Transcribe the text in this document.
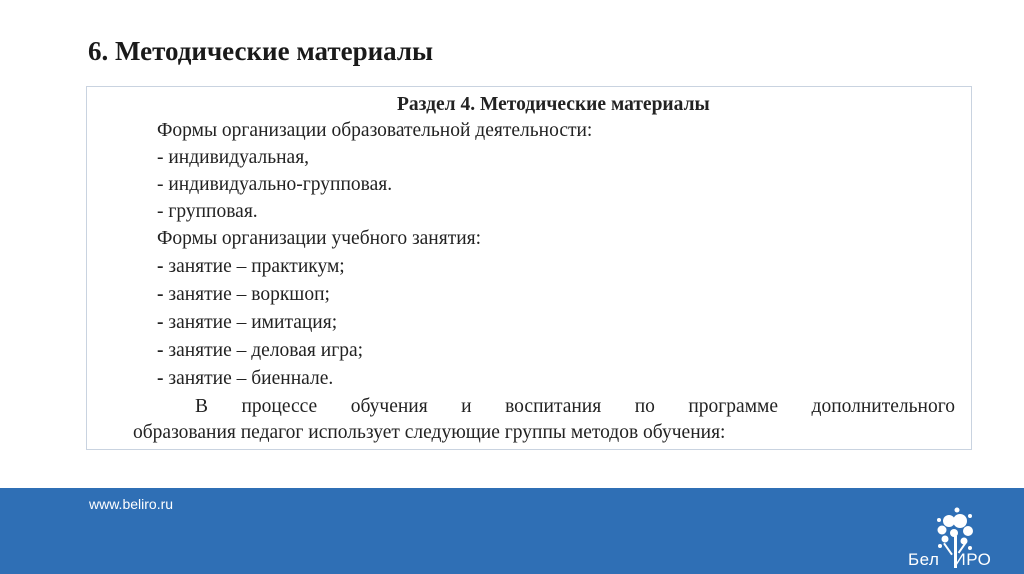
6. Методические материалы
Раздел 4. Методические материалы
Формы организации образовательной деятельности:
- индивидуальная,
- индивидуально-групповая.
- групповая.
Формы организации учебного занятия:
- занятие – практикум;
- занятие – воркшоп;
- занятие – имитация;
- занятие – деловая игра;
- занятие – биеннале.
В процессе обучения и воспитания по программе дополнительного
образования педагог использует следующие группы методов обучения:
www.beliro.ru
Бел ИРО
